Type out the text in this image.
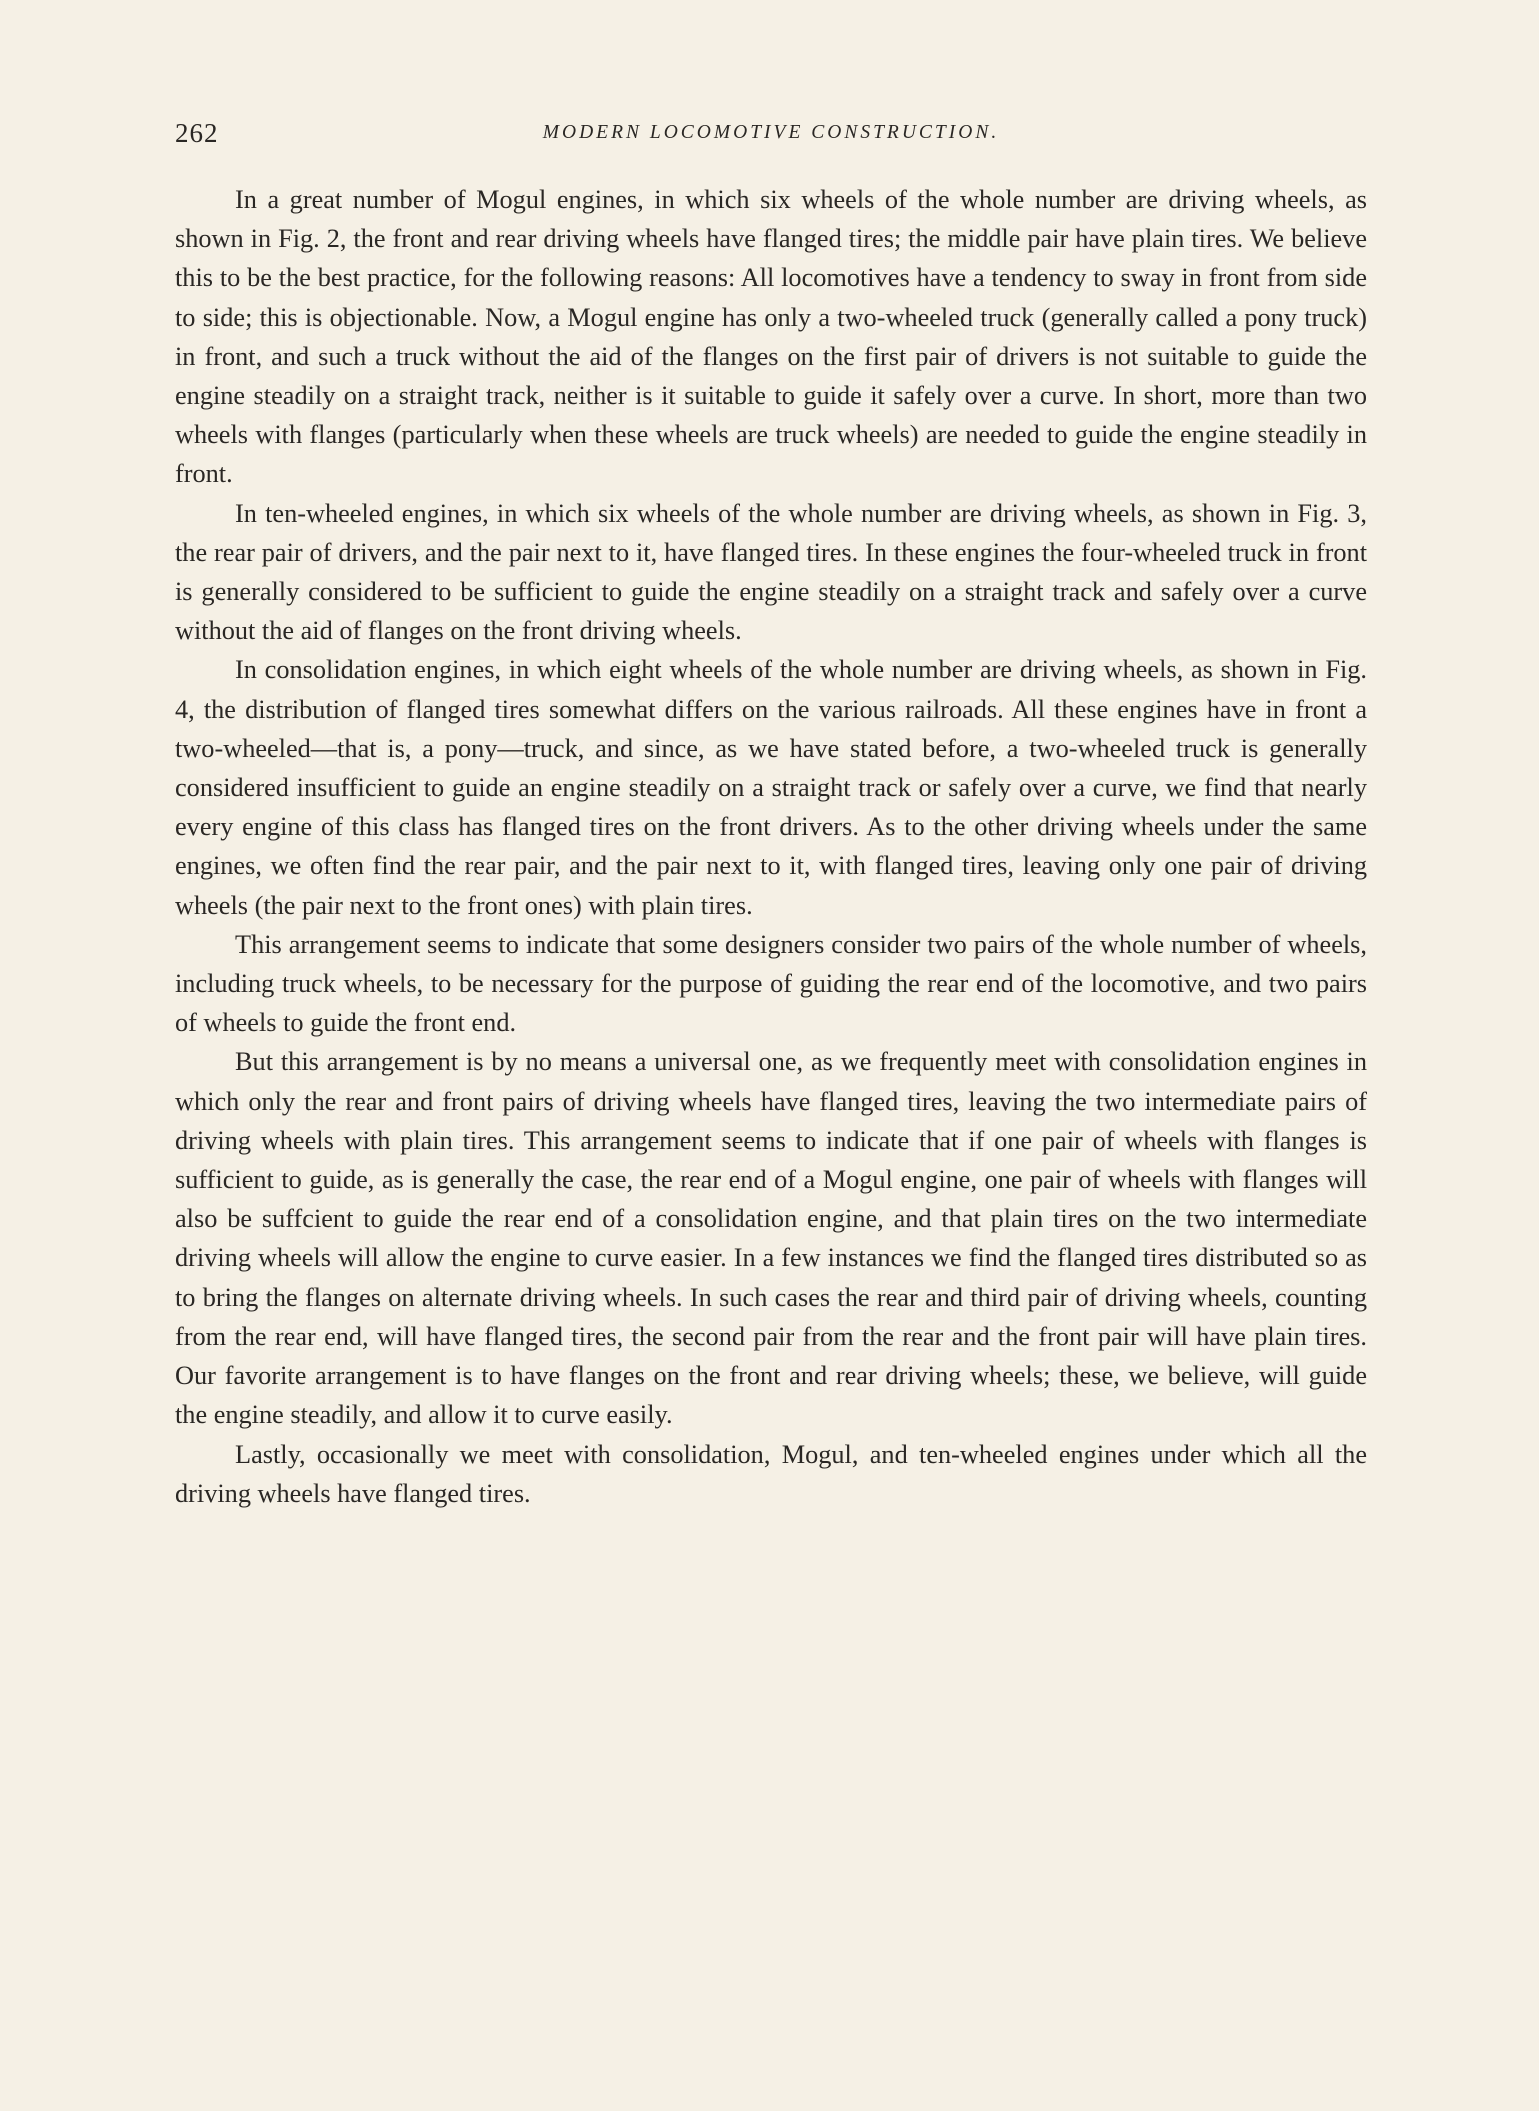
262	MODERN LOCOMOTIVE CONSTRUCTION.

In a great number of Mogul engines, in which six wheels of the whole number are driving wheels, as shown in Fig. 2, the front and rear driving wheels have flanged tires; the middle pair have plain tires. We believe this to be the best practice, for the following reasons: All locomotives have a tendency to sway in front from side to side; this is objectionable. Now, a Mogul engine has only a two-wheeled truck (generally called a pony truck) in front, and such a truck without the aid of the flanges on the first pair of drivers is not suitable to guide the engine steadily on a straight track, neither is it suitable to guide it safely over a curve. In short, more than two wheels with flanges (particularly when these wheels are truck wheels) are needed to guide the engine steadily in front.

In ten-wheeled engines, in which six wheels of the whole number are driving wheels, as shown in Fig. 3, the rear pair of drivers, and the pair next to it, have flanged tires. In these engines the four-wheeled truck in front is generally considered to be sufficient to guide the engine steadily on a straight track and safely over a curve without the aid of flanges on the front driving wheels.

In consolidation engines, in which eight wheels of the whole number are driving wheels, as shown in Fig. 4, the distribution of flanged tires somewhat differs on the various railroads. All these engines have in front a two-wheeled—that is, a pony—truck, and since, as we have stated before, a two-wheeled truck is generally considered insufficient to guide an engine steadily on a straight track or safely over a curve, we find that nearly every engine of this class has flanged tires on the front drivers. As to the other driving wheels under the same engines, we often find the rear pair, and the pair next to it, with flanged tires, leaving only one pair of driving wheels (the pair next to the front ones) with plain tires.

This arrangement seems to indicate that some designers consider two pairs of the whole number of wheels, including truck wheels, to be necessary for the purpose of guiding the rear end of the locomotive, and two pairs of wheels to guide the front end.

But this arrangement is by no means a universal one, as we frequently meet with consolidation engines in which only the rear and front pairs of driving wheels have flanged tires, leaving the two intermediate pairs of driving wheels with plain tires. This arrangement seems to indicate that if one pair of wheels with flanges is sufficient to guide, as is generally the case, the rear end of a Mogul engine, one pair of wheels with flanges will also be suffcient to guide the rear end of a consolidation engine, and that plain tires on the two intermediate driving wheels will allow the engine to curve easier. In a few instances we find the flanged tires distributed so as to bring the flanges on alternate driving wheels. In such cases the rear and third pair of driving wheels, counting from the rear end, will have flanged tires, the second pair from the rear and the front pair will have plain tires. Our favorite arrangement is to have flanges on the front and rear driving wheels; these, we believe, will guide the engine steadily, and allow it to curve easily.

Lastly, occasionally we meet with consolidation, Mogul, and ten-wheeled engines under which all the driving wheels have flanged tires.
